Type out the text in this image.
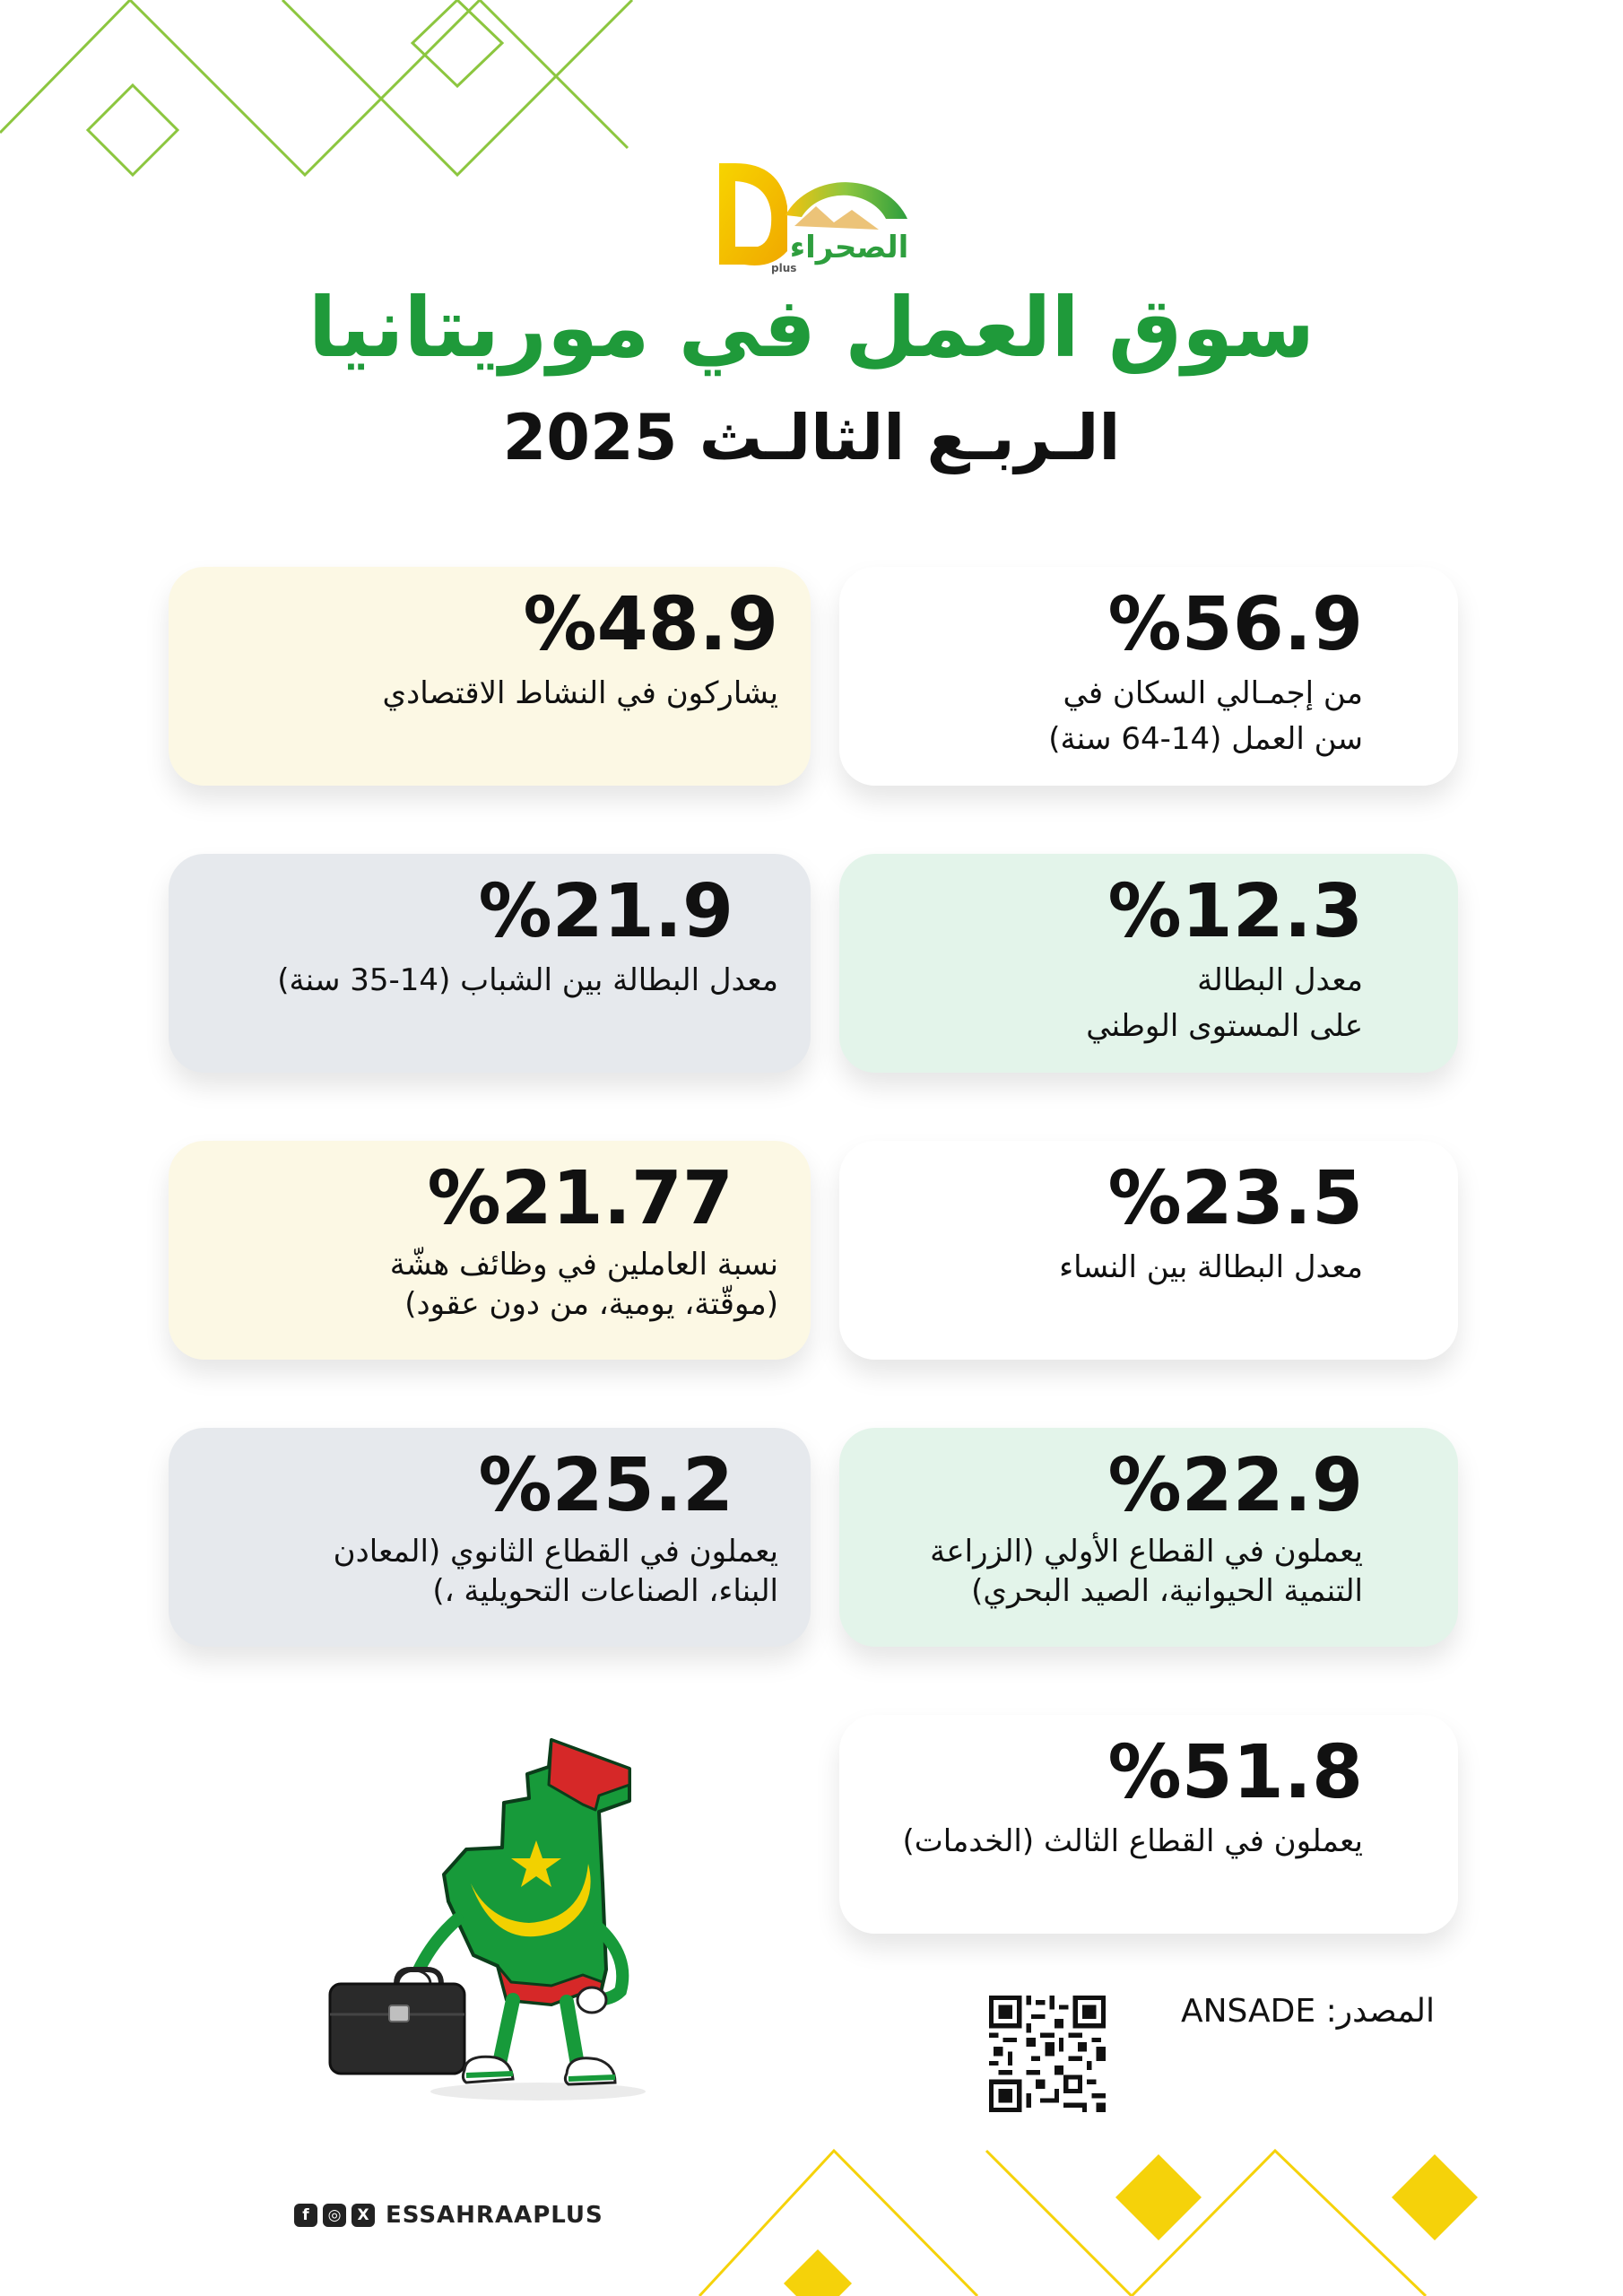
الصحراء
plus
سوق العمل في موريتانيا
الـربـع الثالـث 2025
%56.9
من إجمـالي السكان في
سن العمل (14-64 سنة)
%48.9
يشاركون في النشاط الاقتصادي
%12.3
معدل البطالة
على المستوى الوطني
%21.9
معدل البطالة بين الشباب (14-35 سنة)
%23.5
معدل البطالة بين النساء
%21.77
نسبة العاملين في وظائف هشّة
(موقّتة، يومية، من دون عقود)
%22.9
يعملون في القطاع الأولي (الزراعة
التنمية الحيوانية، الصيد البحري)
%25.2
يعملون في القطاع الثانوي (المعادن
البناء، الصناعات التحويلية ،)
%51.8
يعملون في القطاع الثالث (الخدمات)
المصدر: ANSADE
f	◎	X ESSAHRAAPLUS
